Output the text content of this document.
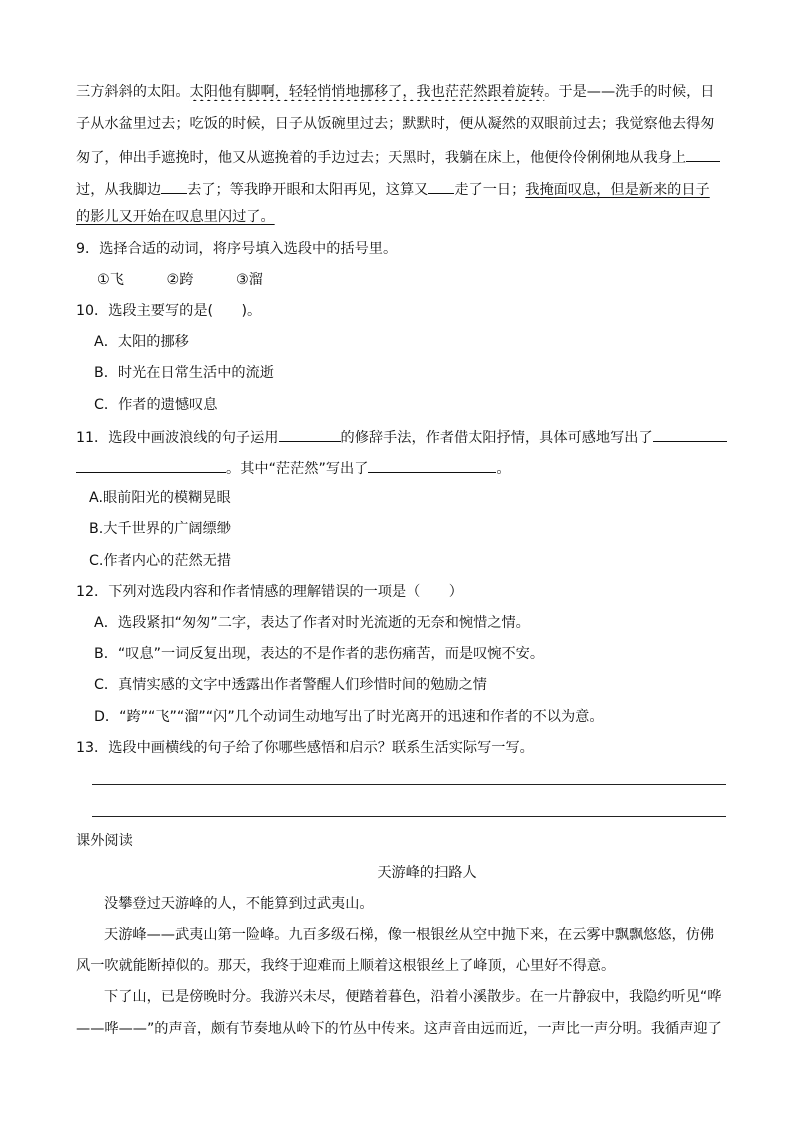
三方斜斜的太阳。太阳他有脚啊，轻轻悄悄地挪移了，我也茫茫然跟着旋转。于是——洗手的时候，日
子从水盆里过去；吃饭的时候，日子从饭碗里过去；默默时，便从凝然的双眼前过去；我觉察他去得匆
匆了，伸出手遮挽时，他又从遮挽着的手边过去；天黑时，我躺在床上，他便伶伶俐俐地从我身上
过，从我脚边 去了；等我睁开眼和太阳再见，这算又 走了一日；我掩面叹息，但是新来的日子
的影儿又开始在叹息里闪过了。
9．选择合适的动词，将序号填入选段中的括号里。
①飞　　　②跨　　　③溜
10．选段主要写的是(　　)。
A．太阳的挪移
B．时光在日常生活中的流逝
C．作者的遗憾叹息
11．选段中画波浪线的句子运用	的修辞手法，作者借太阳抒情，具体可感地写出了
。其中“茫茫然”写出了	。
A.眼前阳光的模糊晃眼
B.大千世界的广阔缥缈
C.作者内心的茫然无措
12．下列对选段内容和作者情感的理解错误的一项是（　　）
A．选段紧扣“匆匆”二字，表达了作者对时光流逝的无奈和惋惜之情。
B．“叹息”一词反复出现，表达的不是作者的悲伤痛苦，而是叹惋不安。
C．真情实感的文字中透露出作者警醒人们珍惜时间的勉励之情
D．“跨”“飞”“溜”“闪”几个动词生动地写出了时光离开的迅速和作者的不以为意。
13．选段中画横线的句子给了你哪些感悟和启示？联系生活实际写一写。
课外阅读
天游峰的扫路人
没攀登过天游峰的人，不能算到过武夷山。
天游峰——武夷山第一险峰。九百多级石梯，像一根银丝从空中抛下来，在云雾中飘飘悠悠，仿佛
风一吹就能断掉似的。那天，我终于迎难而上顺着这根银丝上了峰顶，心里好不得意。
下了山，已是傍晚时分。我游兴未尽，便踏着暮色，沿着小溪散步。在一片静寂中，我隐约听见“哗
——哗——”的声音，颇有节奏地从岭下的竹丛中传来。这声音由远而近，一声比一声分明。我循声迎了
